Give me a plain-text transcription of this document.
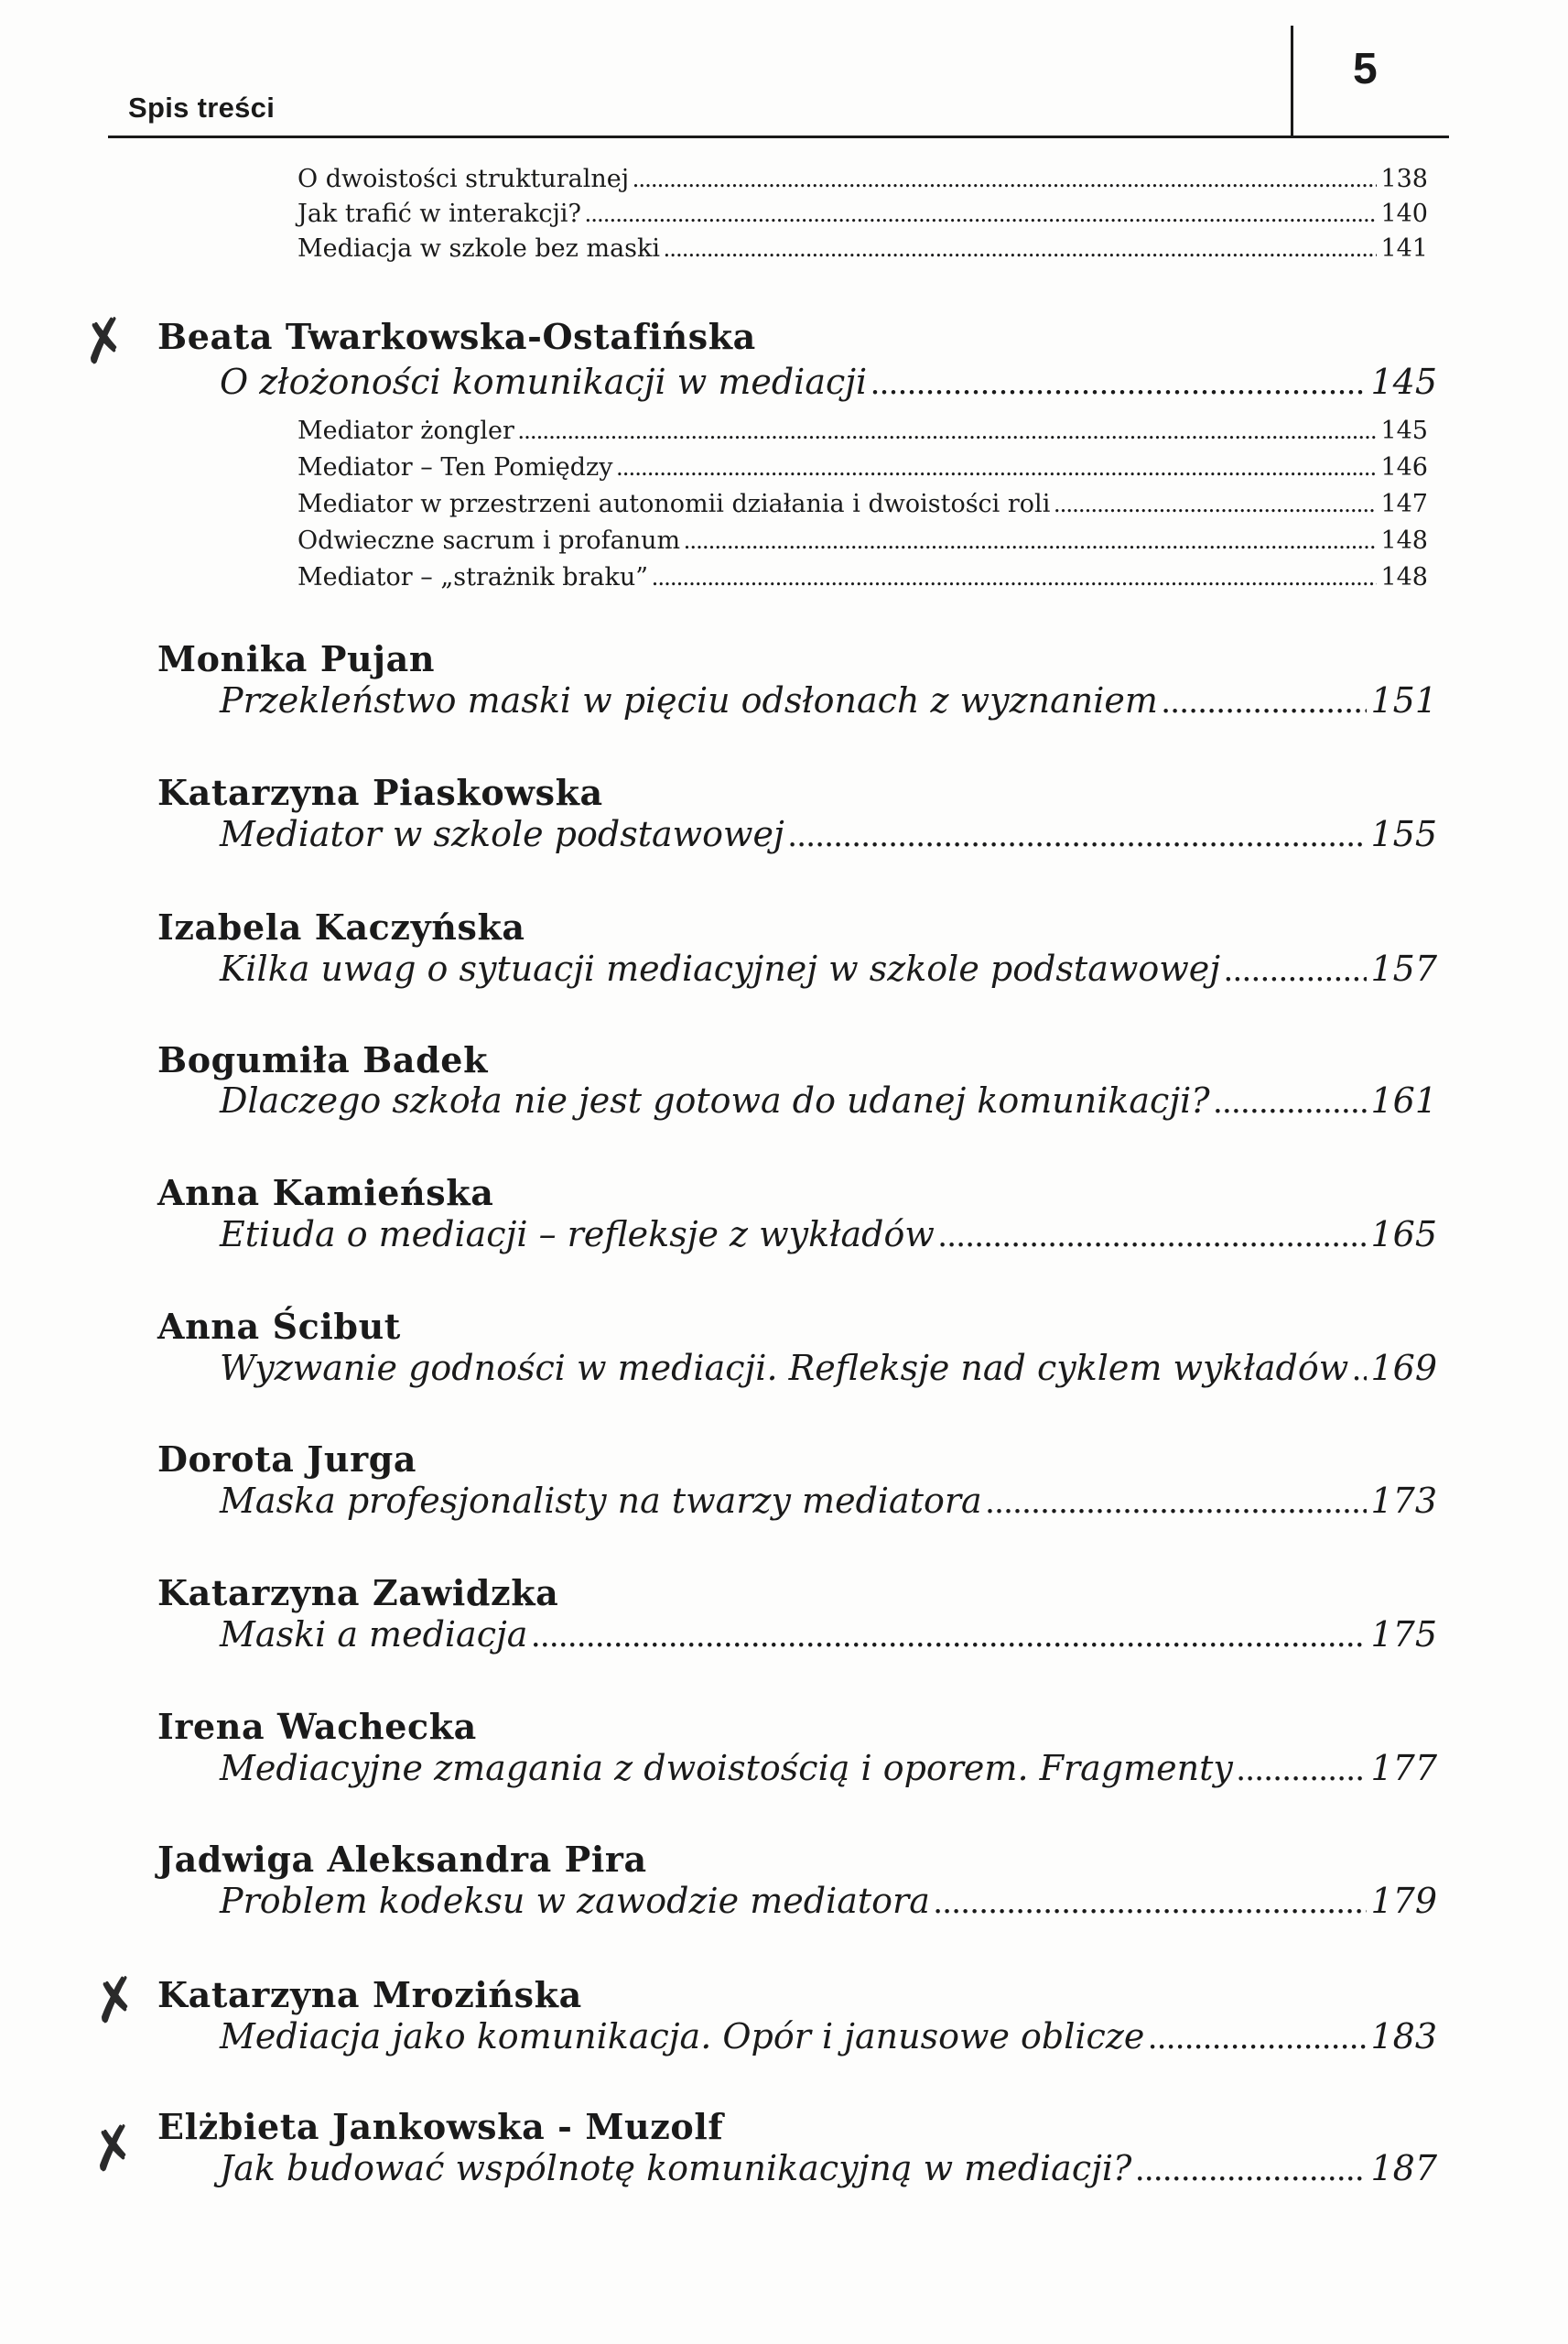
Spis treści
5
O dwoistości strukturalnej .....	138
Jak trafić w interakcji? .....	140
Mediacja w szkole bez maski .....	141
✗ Beata Twarkowska-Ostafińska
O złożoności komunikacji w mediacji .....	145
Mediator żongler .....	145
Mediator – Ten Pomiędzy .....	146
Mediator w przestrzeni autonomii działania i dwoistości roli .....	147
Odwieczne sacrum i profanum .....	148
Mediator – „strażnik braku” .....	148
Monika Pujan
Przekleństwo maski w pięciu odsłonach z wyznaniem .....	151
Katarzyna Piaskowska
Mediator w szkole podstawowej .....	155
Izabela Kaczyńska
Kilka uwag o sytuacji mediacyjnej w szkole podstawowej .....	157
Bogumiła Badek
Dlaczego szkoła nie jest gotowa do udanej komunikacji? .....	161
Anna Kamieńska
Etiuda o mediacji – refleksje z wykładów .....	165
Anna Ścibut
Wyzwanie godności w mediacji. Refleksje nad cyklem wykładów ..... 169
Dorota Jurga
Maska profesjonalisty na twarzy mediatora .....	173
Katarzyna Zawidzka
Maski a mediacja .....	175
Irena Wachecka
Mediacyjne zmagania z dwoistością i oporem. Fragmenty .....	177
Jadwiga Aleksandra Pira
Problem kodeksu w zawodzie mediatora .....	179
✗ Katarzyna Mrozińska
Mediacja jako komunikacja. Opór i janusowe oblicze .....	183
✗ Elżbieta Jankowska - Muzolf
Jak budować wspólnotę komunikacyjną w mediacji? .....	187
